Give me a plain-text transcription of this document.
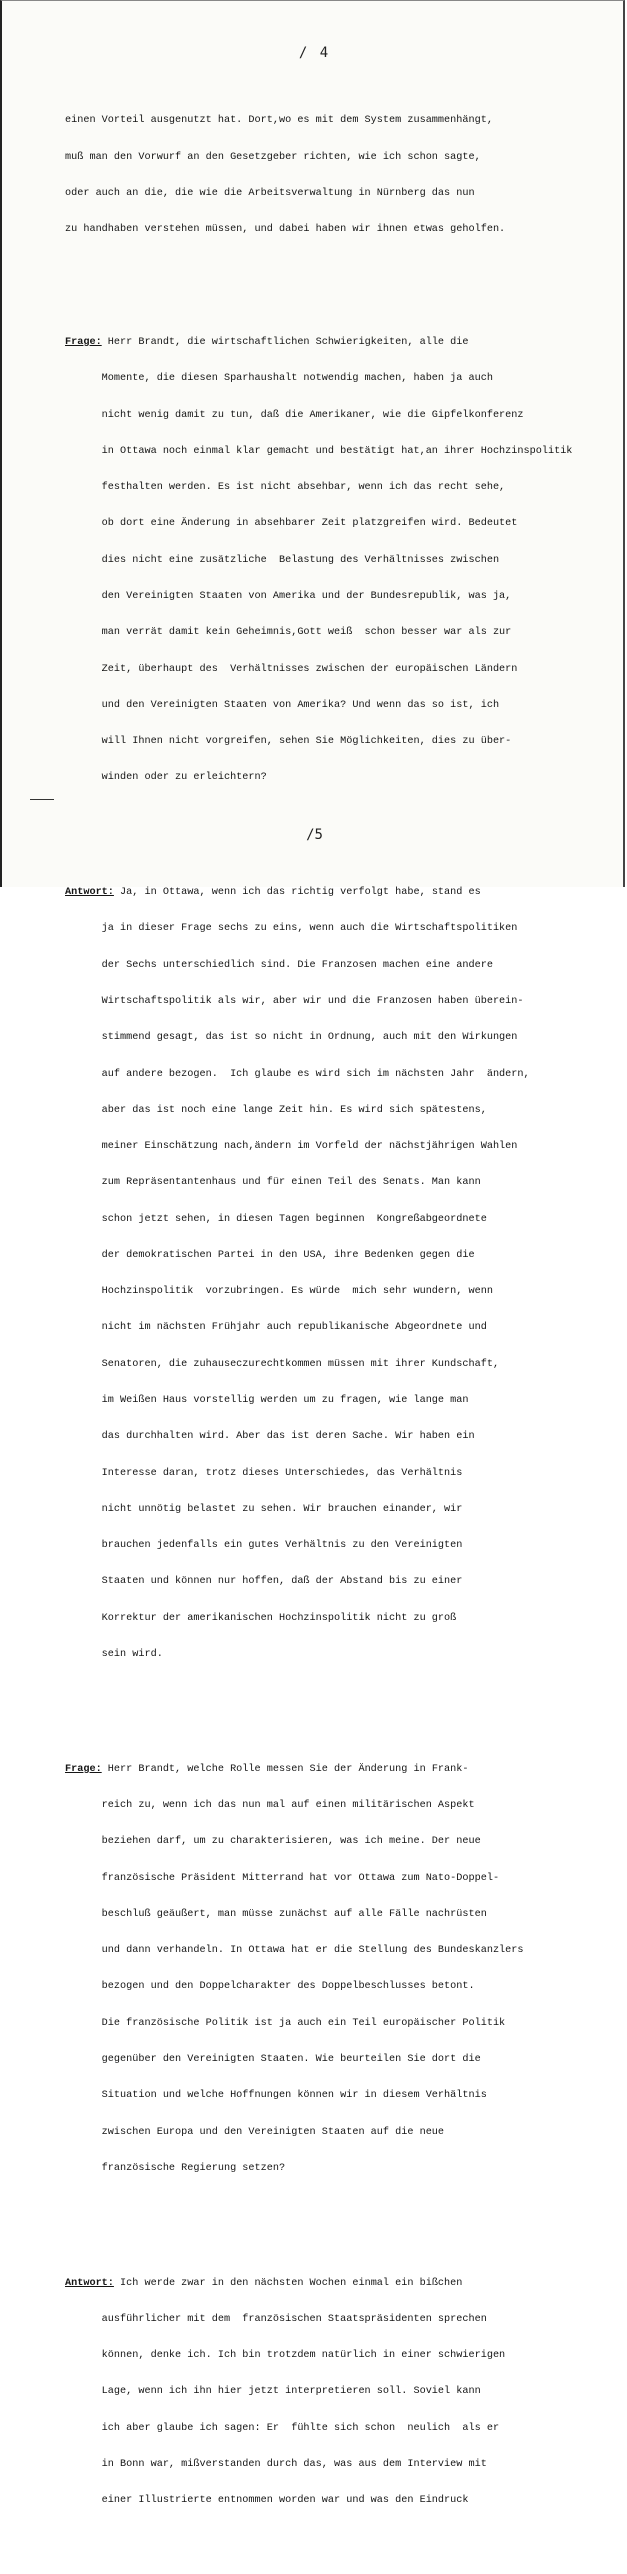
/ 4

einen Vorteil ausgenutzt hat. Dort,wo es mit dem System zusammenhängt,

muß man den Vorwurf an den Gesetzgeber richten, wie ich schon sagte,

oder auch an die, die wie die Arbeitsverwaltung in Nürnberg das nun

zu handhaben verstehen müssen, und dabei haben wir ihnen etwas geholfen.

Frage: Herr Brandt, die wirtschaftlichen Schwierigkeiten, alle die

Momente, die diesen Sparhaushalt notwendig machen, haben ja auch

nicht wenig damit zu tun, daß die Amerikaner, wie die Gipfelkonferenz

in Ottawa noch einmal klar gemacht und bestätigt hat,an ihrer Hochzinspolitik

festhalten werden. Es ist nicht absehbar, wenn ich das recht sehe,

ob dort eine Änderung in absehbarer Zeit platzgreifen wird. Bedeutet

dies nicht eine zusätzliche  Belastung des Verhältnisses zwischen

den Vereinigten Staaten von Amerika und der Bundesrepublik, was ja,

man verrät damit kein Geheimnis,Gott weiß  schon besser war als zur

Zeit, überhaupt des  Verhältnisses zwischen der europäischen Ländern

und den Vereinigten Staaten von Amerika? Und wenn das so ist, ich

will Ihnen nicht vorgreifen, sehen Sie Möglichkeiten, dies zu über-

winden oder zu erleichtern?

Antwort: Ja, in Ottawa, wenn ich das richtig verfolgt habe, stand es

ja in dieser Frage sechs zu eins, wenn auch die Wirtschaftspolitiken

der Sechs unterschiedlich sind. Die Franzosen machen eine andere

Wirtschaftspolitik als wir, aber wir und die Franzosen haben überein-

stimmend gesagt, das ist so nicht in Ordnung, auch mit den Wirkungen

auf andere bezogen.  Ich glaube es wird sich im nächsten Jahr  ändern,

aber das ist noch eine lange Zeit hin. Es wird sich spätestens,

meiner Einschätzung nach,ändern im Vorfeld der nächstjährigen Wahlen

zum Repräsentantenhaus und für einen Teil des Senats. Man kann

schon jetzt sehen, in diesen Tagen beginnen  Kongreßabgeordnete

der demokratischen Partei in den USA, ihre Bedenken gegen die

Hochzinspolitik  vorzubringen. Es würde  mich sehr wundern, wenn

nicht im nächsten Frühjahr auch republikanische Abgeordnete und

Senatoren, die zuhauseczurechtkommen müssen mit ihrer Kundschaft,

im Weißen Haus vorstellig werden um zu fragen, wie lange man

das durchhalten wird. Aber das ist deren Sache. Wir haben ein

Interesse daran, trotz dieses Unterschiedes, das Verhältnis

nicht unnötig belastet zu sehen. Wir brauchen einander, wir

brauchen jedenfalls ein gutes Verhältnis zu den Vereinigten

Staaten und können nur hoffen, daß der Abstand bis zu einer

Korrektur der amerikanischen Hochzinspolitik nicht zu groß

sein wird.

Frage: Herr Brandt, welche Rolle messen Sie der Änderung in Frank-

reich zu, wenn ich das nun mal auf einen militärischen Aspekt

beziehen darf, um zu charakterisieren, was ich meine. Der neue

französische Präsident Mitterrand hat vor Ottawa zum Nato-Doppel-

beschluß geäußert, man müsse zunächst auf alle Fälle nachrüsten

und dann verhandeln. In Ottawa hat er die Stellung des Bundeskanzlers

bezogen und den Doppelcharakter des Doppelbeschlusses betont.

Die französische Politik ist ja auch ein Teil europäischer Politik

gegenüber den Vereinigten Staaten. Wie beurteilen Sie dort die

Situation und welche Hoffnungen können wir in diesem Verhältnis

zwischen Europa und den Vereinigten Staaten auf die neue

französische Regierung setzen?

Antwort: Ich werde zwar in den nächsten Wochen einmal ein bißchen

ausführlicher mit dem  französischen Staatspräsidenten sprechen

können, denke ich. Ich bin trotzdem natürlich in einer schwierigen

Lage, wenn ich ihn hier jetzt interpretieren soll. Soviel kann

ich aber glaube ich sagen: Er  fühlte sich schon  neulich  als er

in Bonn war, mißverstanden durch das, was aus dem Interview mit

einer Illustrierte entnommen worden war und was den Eindruck

/5
